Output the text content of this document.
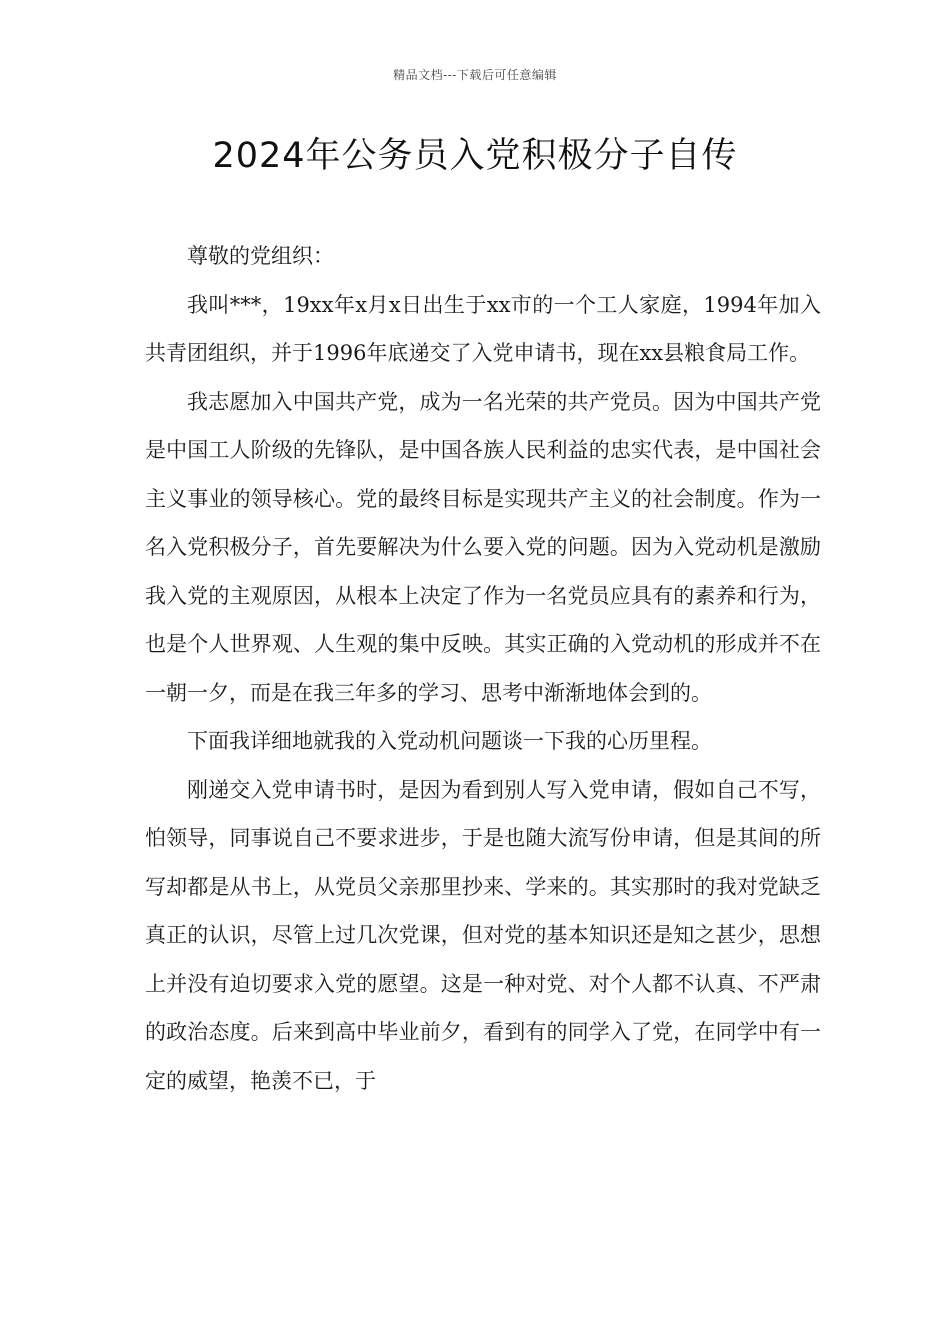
精品文档---下载后可任意编辑
2024年公务员入党积极分子自传

尊敬的党组织：

我叫***，19xx年x月x日出生于xx市的一个工人家庭，1994年加入共青团组织，并于1996年底递交了入党申请书，现在xx县粮食局工作。

我志愿加入中国共产党，成为一名光荣的共产党员。因为中国共产党是中国工人阶级的先锋队，是中国各族人民利益的忠实代表，是中国社会主义事业的领导核心。党的最终目标是实现共产主义的社会制度。作为一名入党积极分子，首先要解决为什么要入党的问题。因为入党动机是激励我入党的主观原因，从根本上决定了作为一名党员应具有的素养和行为，也是个人世界观、人生观的集中反映。其实正确的入党动机的形成并不在一朝一夕，而是在我三年多的学习、思考中渐渐地体会到的。

下面我详细地就我的入党动机问题谈一下我的心历里程。

刚递交入党申请书时，是因为看到别人写入党申请，假如自己不写，怕领导，同事说自己不要求进步，于是也随大流写份申请，但是其间的所写却都是从书上，从党员父亲那里抄来、学来的。其实那时的我对党缺乏真正的认识，尽管上过几次党课，但对党的基本知识还是知之甚少，思想上并没有迫切要求入党的愿望。这是一种对党、对个人都不认真、不严肃的政治态度。后来到高中毕业前夕，看到有的同学入了党，在同学中有一定的威望，艳羡不已，于
